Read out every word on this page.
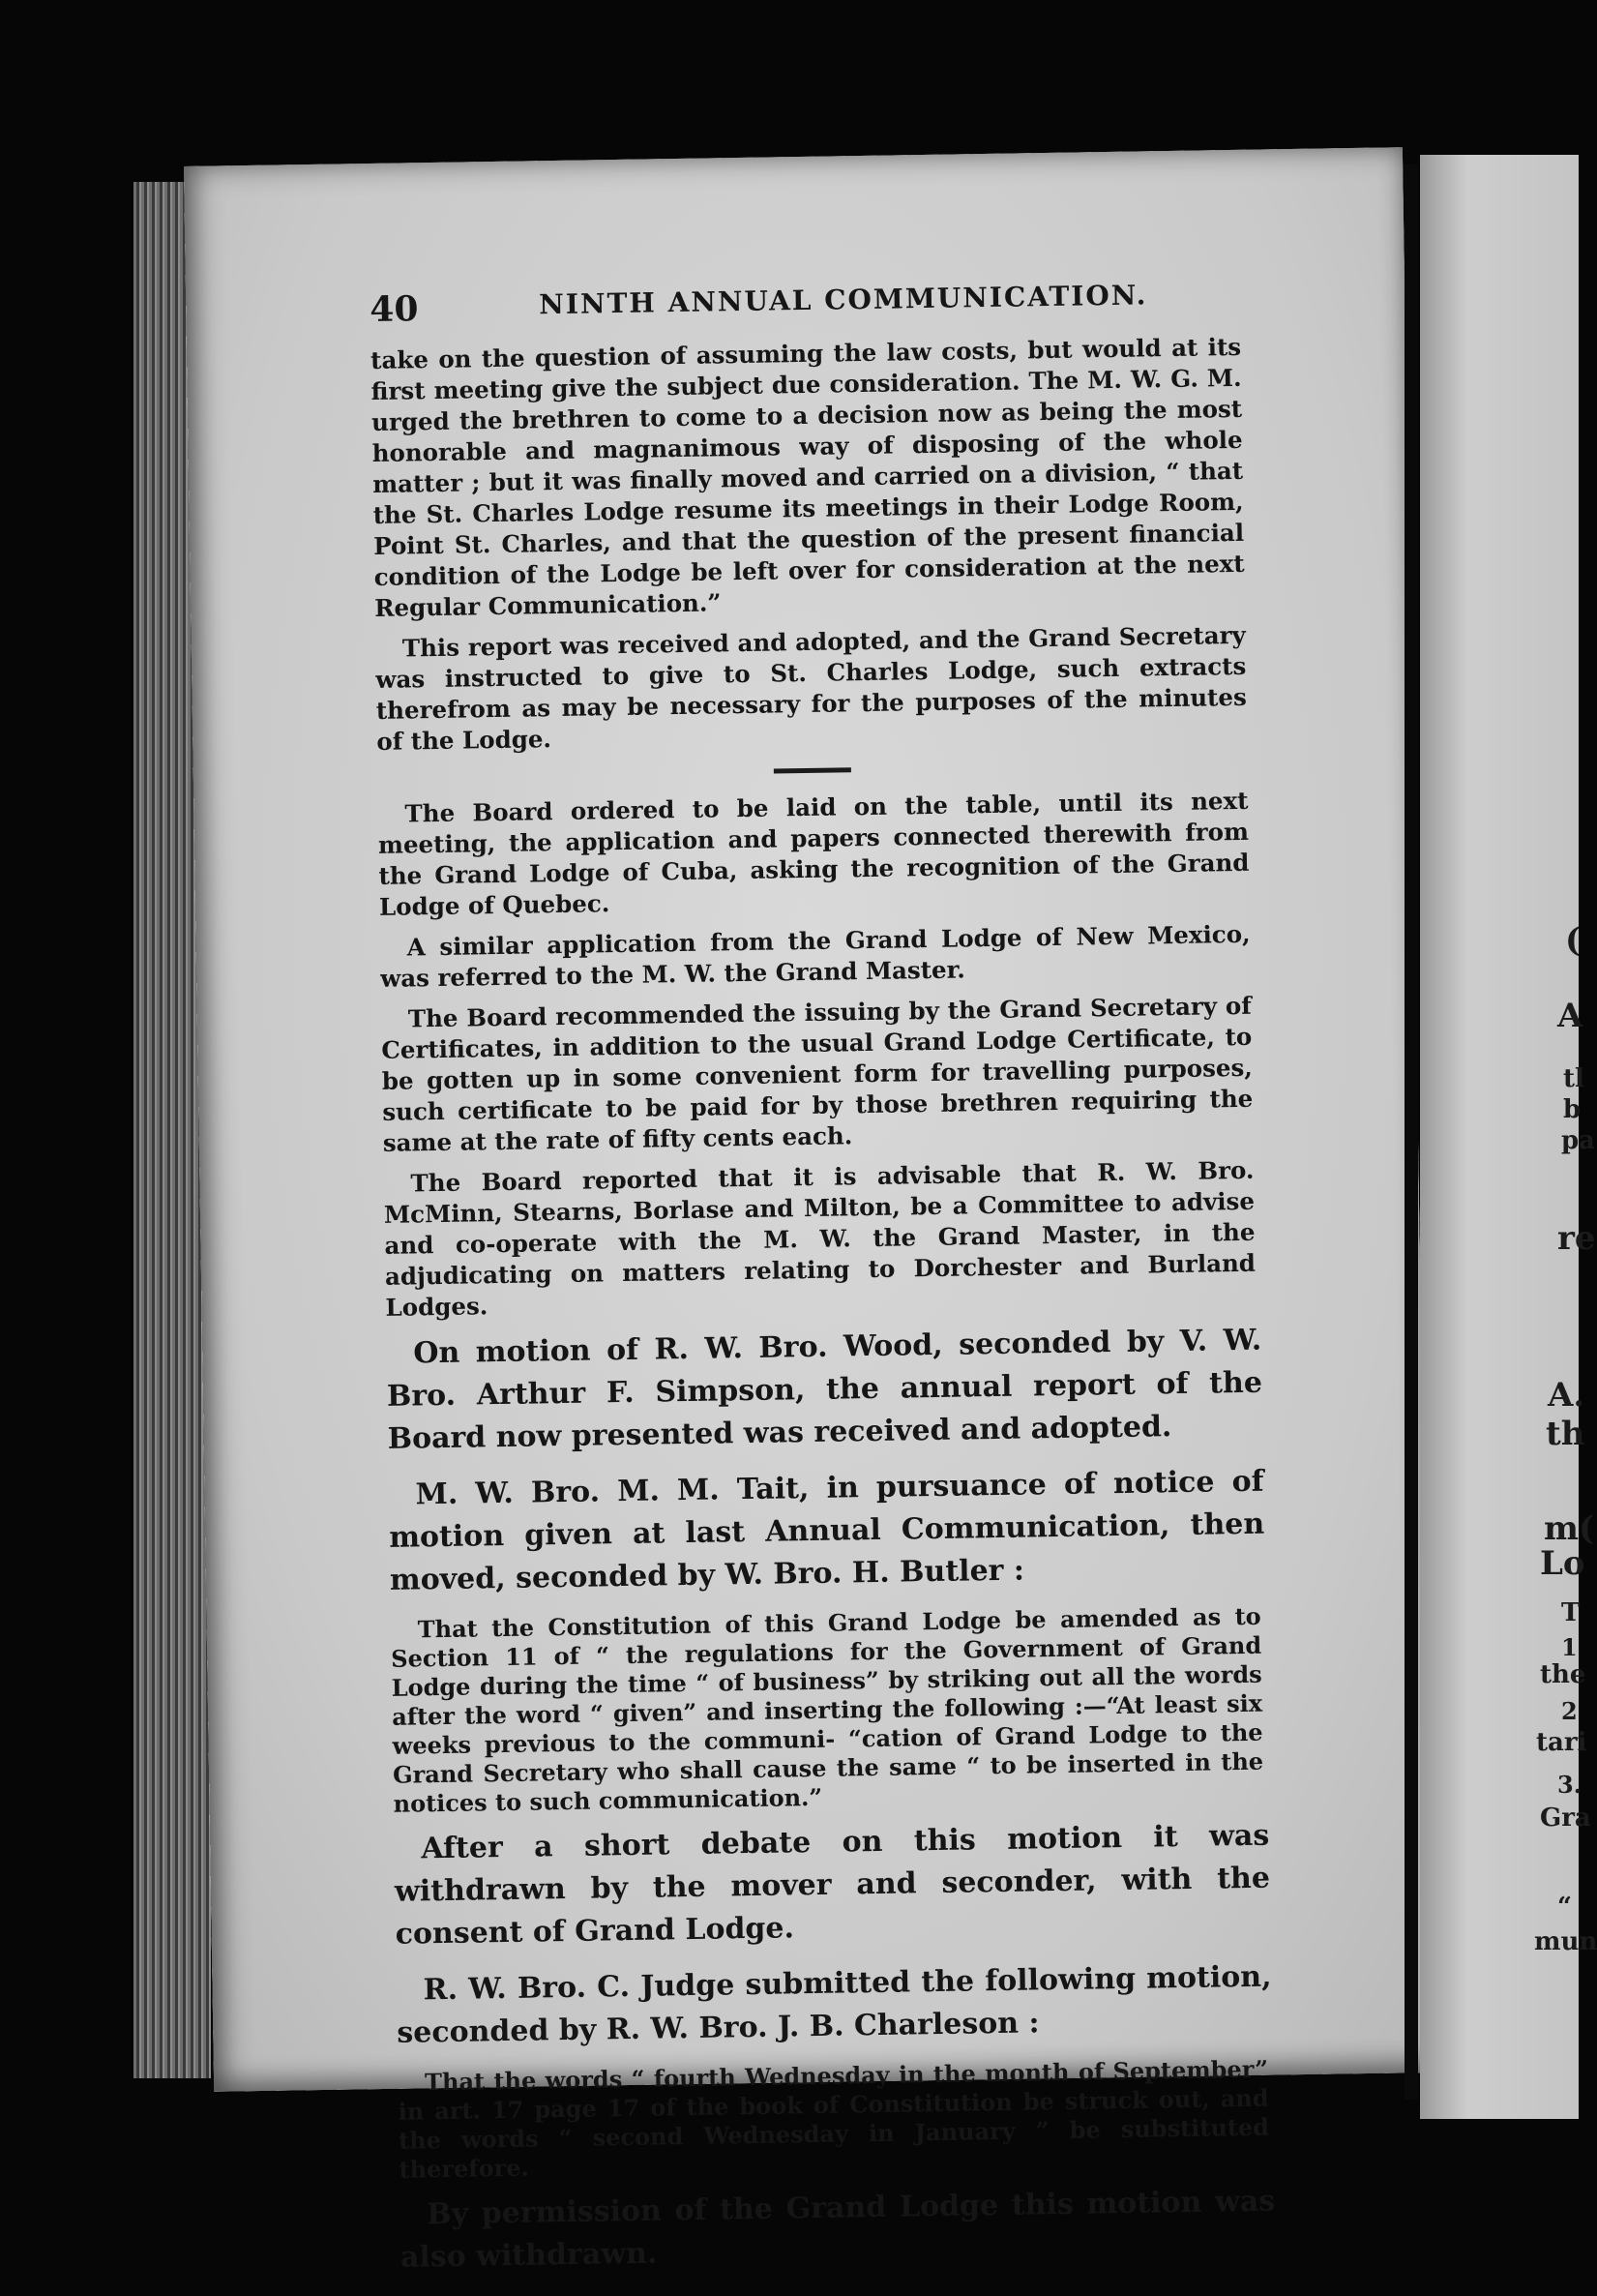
40	NINTH ANNUAL COMMUNICATION.

take on the question of assuming the law costs, but would at its first meeting give the subject due consideration. The M. W. G. M. urged the brethren to come to a decision now as being the most honorable and magnanimous way of disposing of the whole matter ; but it was finally moved and carried on a division, “ that the St. Charles Lodge resume its meetings in their Lodge Room, Point St. Charles, and that the question of the present financial condition of the Lodge be left over for consideration at the next Regular Communication.”

This report was received and adopted, and the Grand Secretary was instructed to give to St. Charles Lodge, such extracts therefrom as may be necessary for the purposes of the minutes of the Lodge.

The Board ordered to be laid on the table, until its next meeting, the application and papers connected therewith from the Grand Lodge of Cuba, asking the recognition of the Grand Lodge of Quebec.

A similar application from the Grand Lodge of New Mexico, was referred to the M. W. the Grand Master.

The Board recommended the issuing by the Grand Secretary of Certificates, in addition to the usual Grand Lodge Certificate, to be gotten up in some convenient form for travelling purposes, such certificate to be paid for by those brethren requiring the same at the rate of fifty cents each.

The Board reported that it is advisable that R. W. Bro. McMinn, Stearns, Borlase and Milton, be a Committee to advise and co-operate with the M. W. the Grand Master, in the adjudicating on matters relating to Dorchester and Burland Lodges.

On motion of R. W. Bro. Wood, seconded by V. W. Bro. Arthur F. Simpson, the annual report of the Board now presented was received and adopted.

M. W. Bro. M. M. Tait, in pursuance of notice of motion given at last Annual Communication, then moved, seconded by W. Bro. H. Butler :

That the Constitution of this Grand Lodge be amended as to Section 11 of “ the regulations for the Government of Grand Lodge during the time “ of business” by striking out all the words after the word “ given” and inserting the following :—“At least six weeks previous to the communi- “cation of Grand Lodge to the Grand Secretary who shall cause the same “ to be inserted in the notices to such communication.”

After a short debate on this motion it was withdrawn by the mover and seconder, with the consent of Grand Lodge.

R. W. Bro. C. Judge submitted the following motion, seconded by R. W. Bro. J. B. Charleson :

That the words “ fourth Wednesday in the month of September” in art. 17 page 17 of the book of Constitution be struck out, and the words “ second Wednesday in January ” be substituted therefore.

By permission of the Grand Lodge this motion was also withdrawn.

(
A
tl
b
pa
re
A.
th
m(
Lo
T
1
the
2
tari
3.
Gra
“
mun
